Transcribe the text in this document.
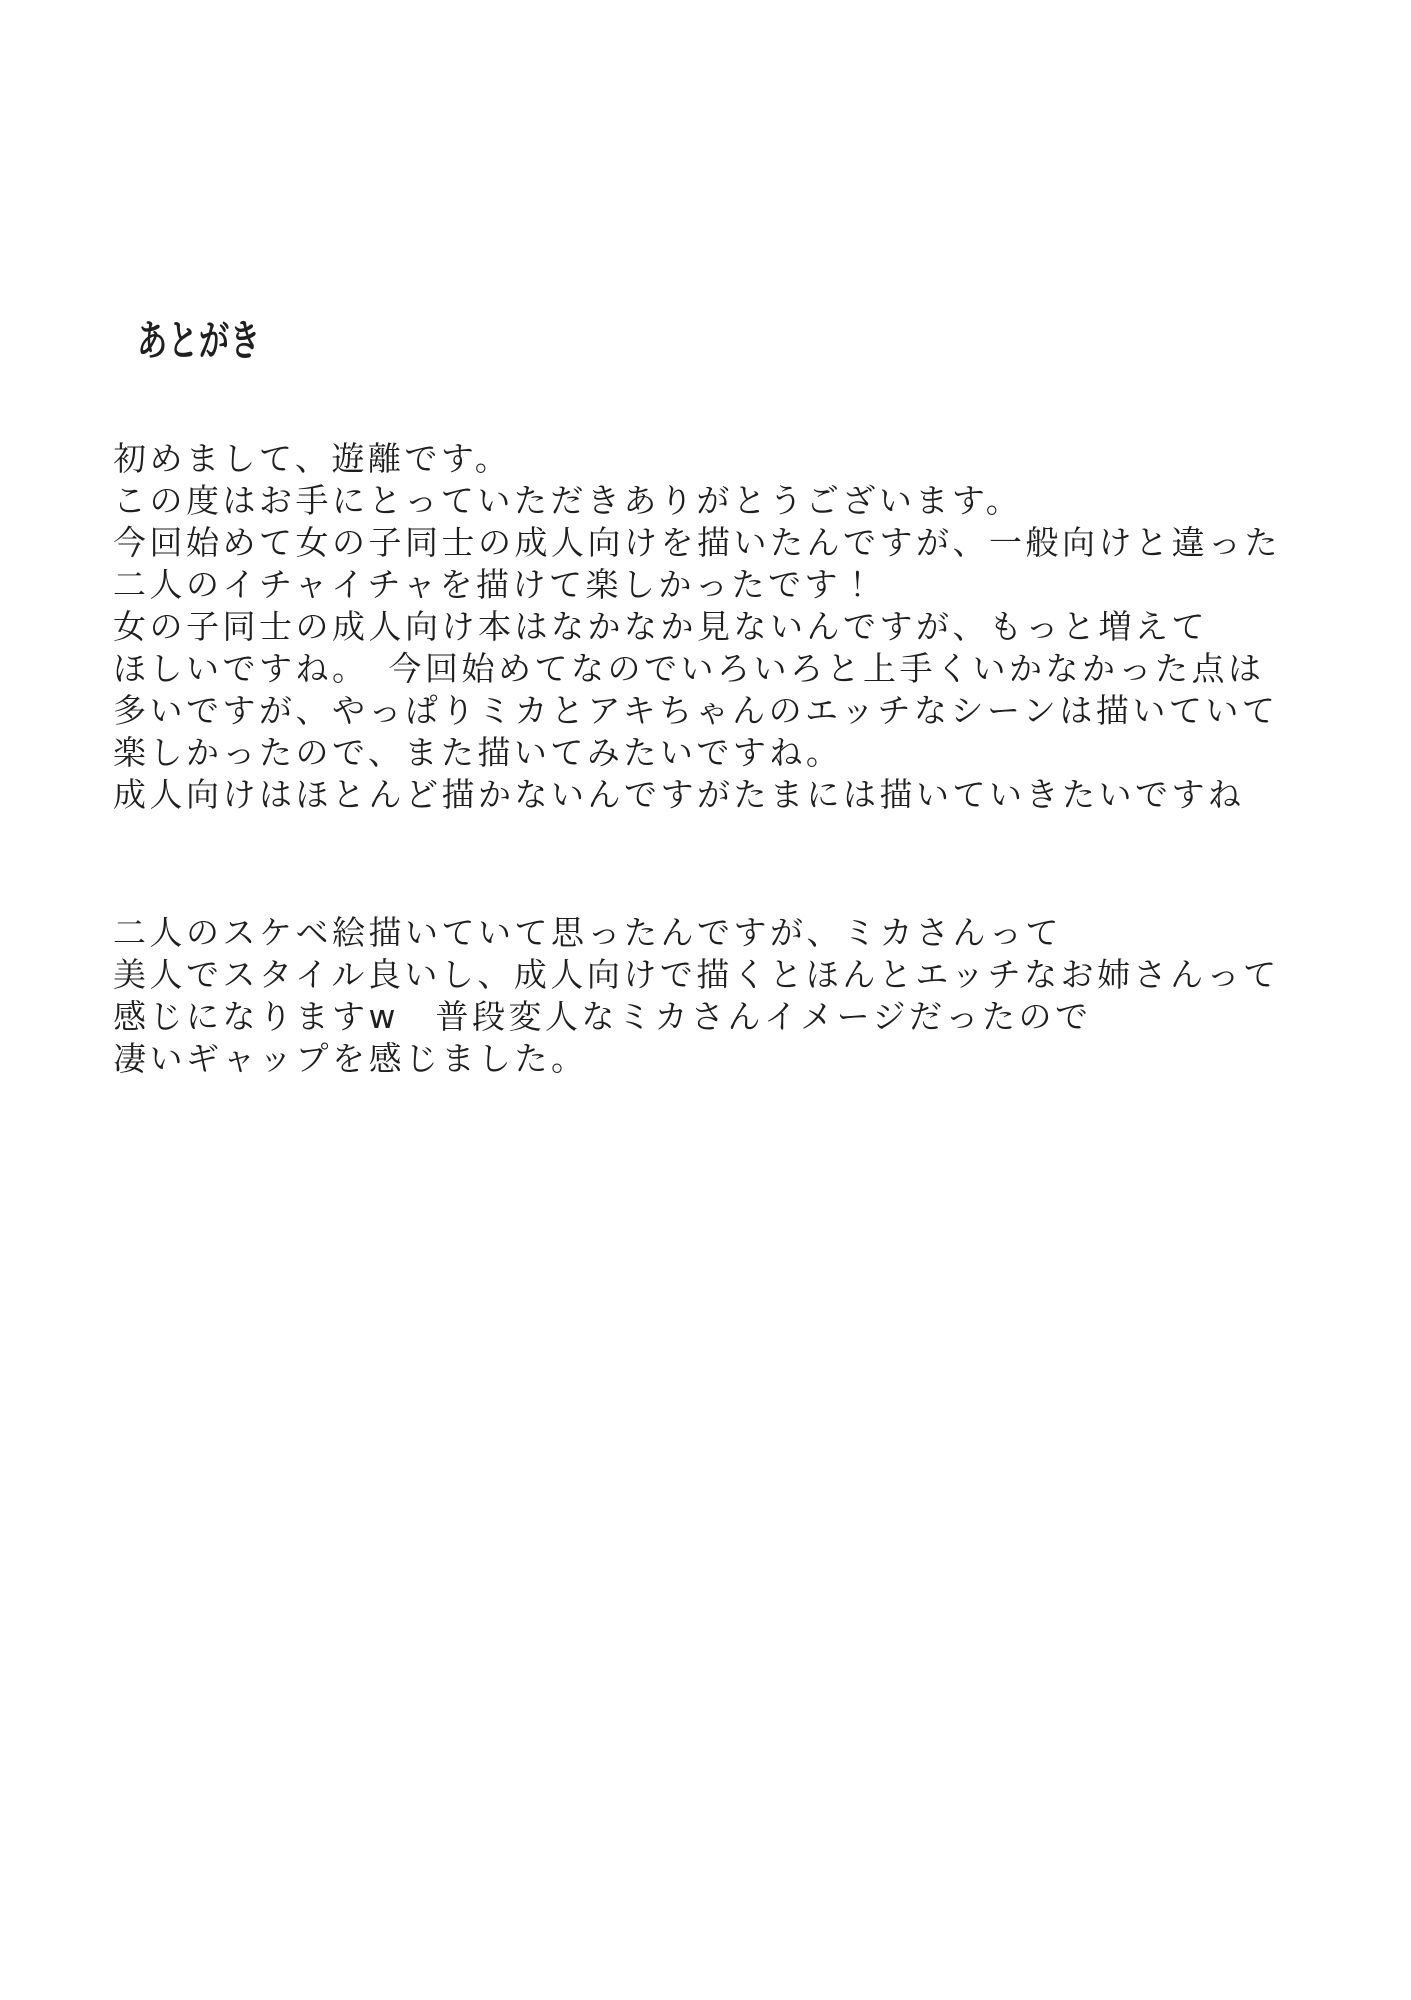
あとがき
初めまして、遊離です。
この度はお手にとっていただきありがとうございます。
今回始めて女の子同士の成人向けを描いたんですが、一般向けと違った
二人のイチャイチャを描けて楽しかったです！
女の子同士の成人向け本はなかなか見ないんですが、もっと増えて
ほしいですね。　今回始めてなのでいろいろと上手くいかなかった点は
多いですが、やっぱりミカとアキちゃんのエッチなシーンは描いていて
楽しかったので、また描いてみたいですね。
成人向けはほとんど描かないんですがたまには描いていきたいですね
二人のスケベ絵描いていて思ったんですが、ミカさんって
美人でスタイル良いし、成人向けで描くとほんとエッチなお姉さんって
感じになりますw　普段変人なミカさんイメージだったので
凄いギャップを感じました。
